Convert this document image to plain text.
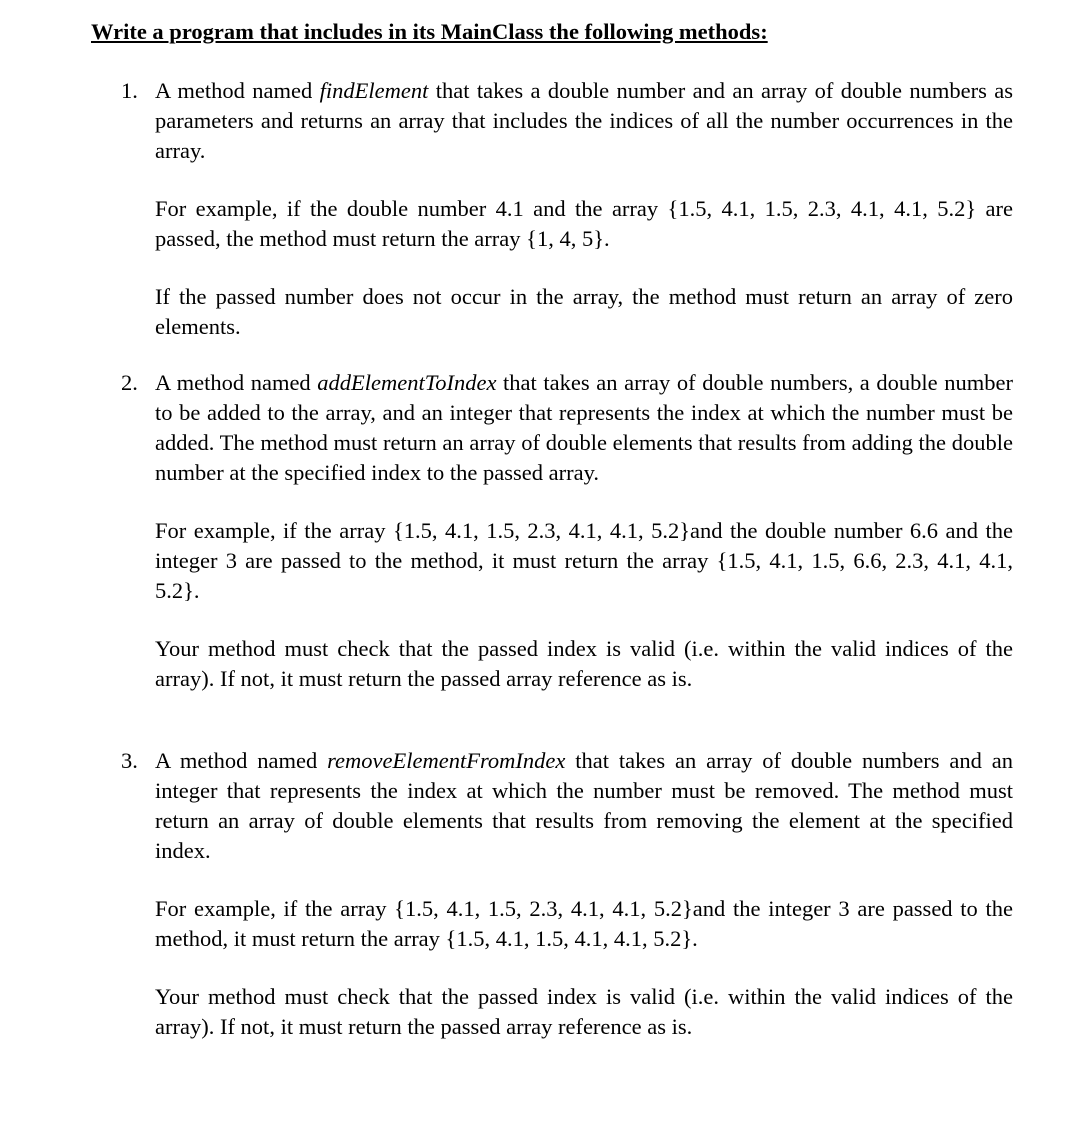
Write a program that includes in its MainClass the following methods:
1. A method named findElement that takes a double number and an array of double numbers as parameters and returns an array that includes the indices of all the number occurrences in the array.

For example, if the double number 4.1 and the array {1.5, 4.1, 1.5, 2.3, 4.1, 4.1, 5.2} are passed, the method must return the array {1, 4, 5}.

If the passed number does not occur in the array, the method must return an array of zero elements.

2. A method named addElementToIndex that takes an array of double numbers, a double number to be added to the array, and an integer that represents the index at which the number must be added. The method must return an array of double elements that results from adding the double number at the specified index to the passed array.

For example, if the array {1.5, 4.1, 1.5, 2.3, 4.1, 4.1, 5.2}and the double number 6.6 and the integer 3 are passed to the method, it must return the array {1.5, 4.1, 1.5, 6.6, 2.3, 4.1, 4.1, 5.2}.

Your method must check that the passed index is valid (i.e. within the valid indices of the array). If not, it must return the passed array reference as is.

3. A method named removeElementFromIndex that takes an array of double numbers and an integer that represents the index at which the number must be removed. The method must return an array of double elements that results from removing the element at the specified index.

For example, if the array {1.5, 4.1, 1.5, 2.3, 4.1, 4.1, 5.2}and the integer 3 are passed to the method, it must return the array {1.5, 4.1, 1.5, 4.1, 4.1, 5.2}.

Your method must check that the passed index is valid (i.e. within the valid indices of the array). If not, it must return the passed array reference as is.
